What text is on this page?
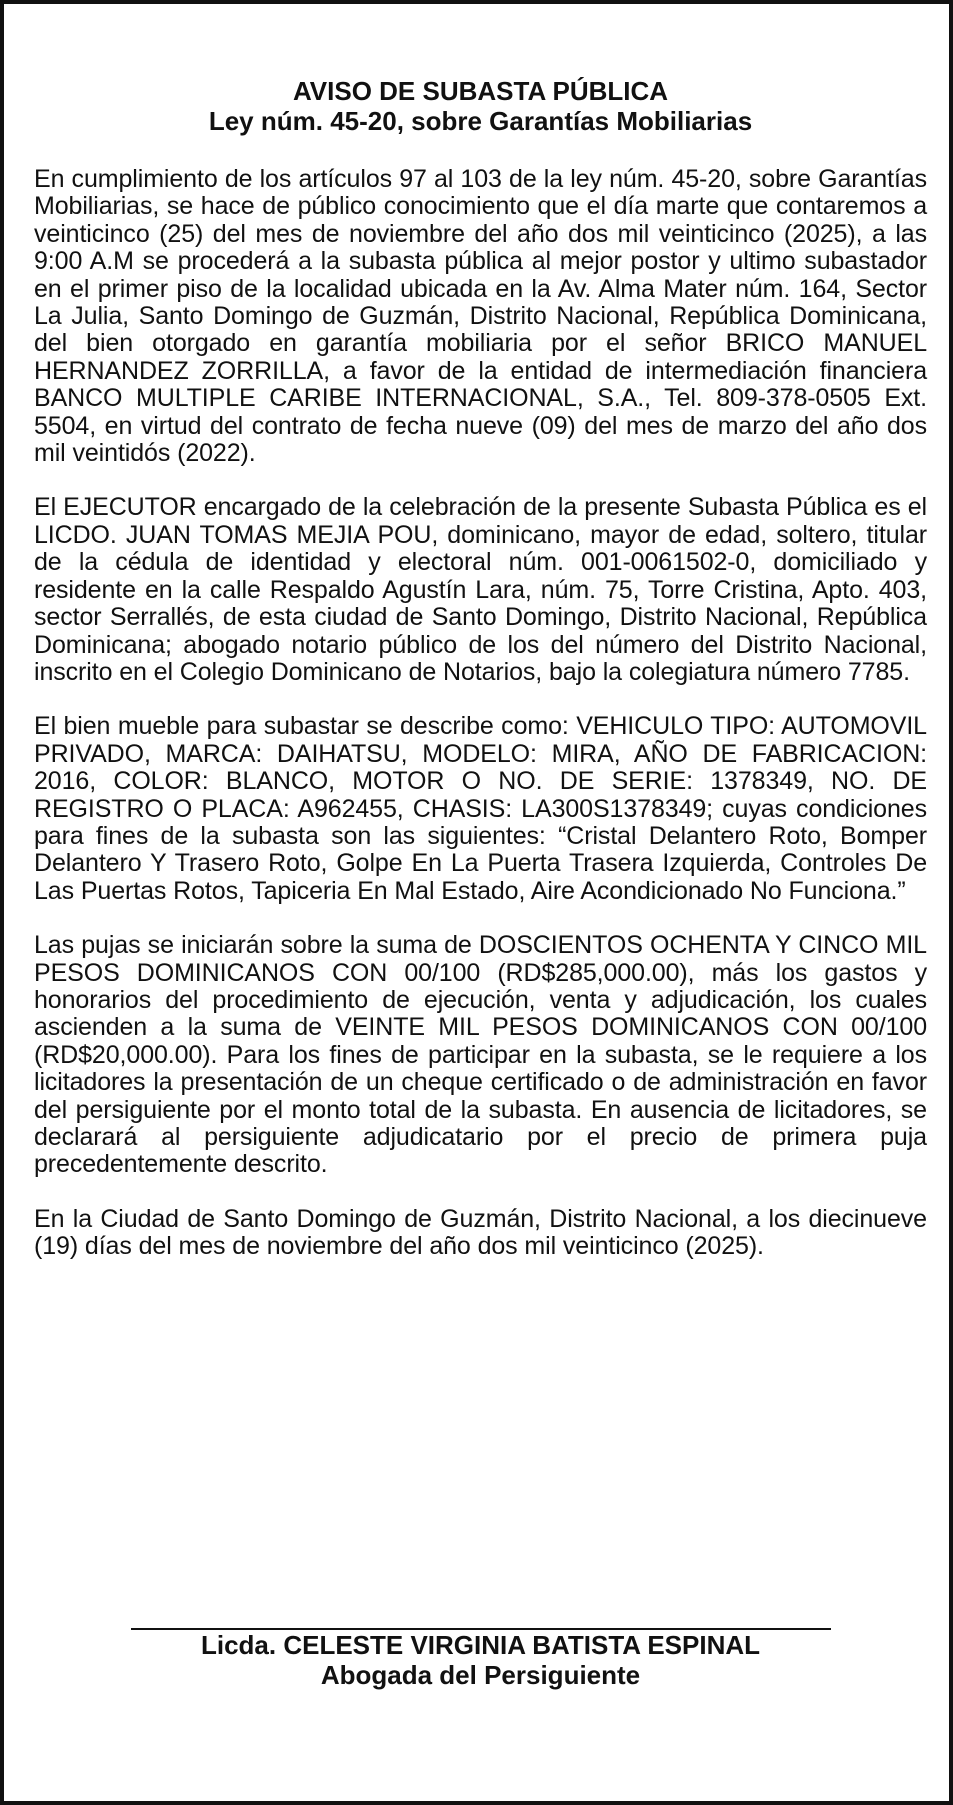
AVISO DE SUBASTA PÚBLICA
Ley núm. 45-20, sobre Garantías Mobiliarias

En cumplimiento de los artículos 97 al 103 de la ley núm. 45-20, sobre Garantías Mobiliarias, se hace de público conocimiento que el día marte que contaremos a veinticinco (25) del mes de noviembre del año dos mil veinticinco (2025), a las 9:00 A.M se procederá a la subasta pública al mejor postor y ultimo subastador en el primer piso de la localidad ubicada en la Av. Alma Mater núm. 164, Sector La Julia, Santo Domingo de Guzmán, Distrito Nacional, República Dominicana, del bien otorgado en garantía mobiliaria por el señor BRICO MANUEL HERNANDEZ ZORRILLA, a favor de la entidad de intermediación financiera BANCO MULTIPLE CARIBE INTERNACIONAL, S.A., Tel. 809-378-0505 Ext. 5504, en virtud del contrato de fecha nueve (09) del mes de marzo del año dos mil veintidós (2022).

El EJECUTOR encargado de la celebración de la presente Subasta Pública es el LICDO. JUAN TOMAS MEJIA POU, dominicano, mayor de edad, soltero, titular de la cédula de identidad y electoral núm. 001-0061502-0, domiciliado y residente en la calle Respaldo Agustín Lara, núm. 75, Torre Cristina, Apto. 403, sector Serrallés, de esta ciudad de Santo Domingo, Distrito Nacional, República Dominicana; abogado notario público de los del número del Distrito Nacional, inscrito en el Colegio Dominicano de Notarios, bajo la colegiatura número 7785.

El bien mueble para subastar se describe como: VEHICULO TIPO: AUTOMOVIL PRIVADO, MARCA: DAIHATSU, MODELO: MIRA, AÑO DE FABRICACION: 2016, COLOR: BLANCO, MOTOR O NO. DE SERIE: 1378349, NO. DE REGISTRO O PLACA: A962455, CHASIS: LA300S1378349; cuyas condiciones para fines de la subasta son las siguientes: “Cristal Delantero Roto, Bomper Delantero Y Trasero Roto, Golpe En La Puerta Trasera Izquierda, Controles De Las Puertas Rotos, Tapiceria En Mal Estado, Aire Acondicionado No Funciona.”

Las pujas se iniciarán sobre la suma de DOSCIENTOS OCHENTA Y CINCO MIL PESOS DOMINICANOS CON 00/100 (RD$285,000.00), más los gastos y honorarios del procedimiento de ejecución, venta y adjudicación, los cuales ascienden a la suma de VEINTE MIL PESOS DOMINICANOS CON 00/100 (RD$20,000.00). Para los fines de participar en la subasta, se le requiere a los licitadores la presentación de un cheque certificado o de administración en favor del persiguiente por el monto total de la subasta. En ausencia de licitadores, se declarará al persiguiente adjudicatario por el precio de primera puja precedentemente descrito.

En la Ciudad de Santo Domingo de Guzmán, Distrito Nacional, a los diecinueve (19) días del mes de noviembre del año dos mil veinticinco (2025).

Licda. CELESTE VIRGINIA BATISTA ESPINAL
Abogada del Persiguiente
